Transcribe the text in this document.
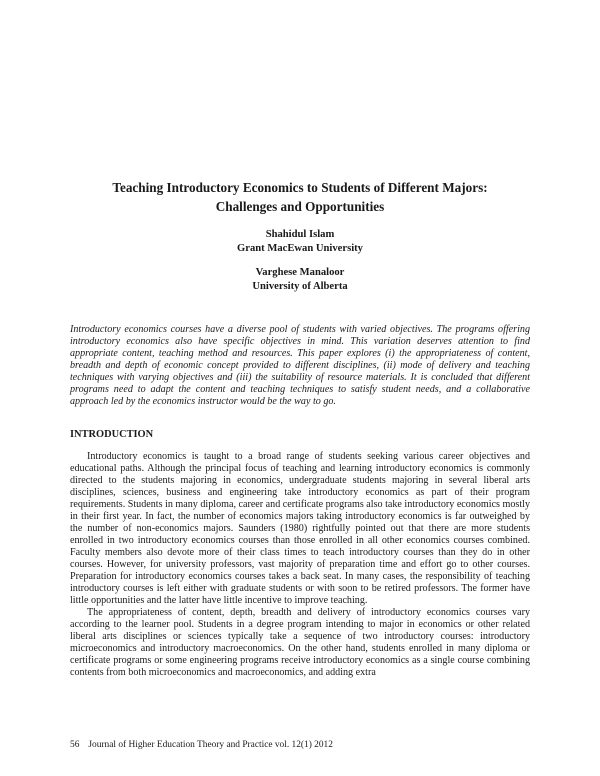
Teaching Introductory Economics to Students of Different Majors:
Challenges and Opportunities
Shahidul Islam
Grant MacEwan University
Varghese Manaloor
University of Alberta

Introductory economics courses have a diverse pool of students with varied objectives. The programs offering introductory economics also have specific objectives in mind. This variation deserves attention to find appropriate content, teaching method and resources. This paper explores (i) the appropriateness of content, breadth and depth of economic concept provided to different disciplines, (ii) mode of delivery and teaching techniques with varying objectives and (iii) the suitability of resource materials. It is concluded that different programs need to adapt the content and teaching techniques to satisfy student needs, and a collaborative approach led by the economics instructor would be the way to go.

INTRODUCTION

Introductory economics is taught to a broad range of students seeking various career objectives and educational paths. Although the principal focus of teaching and learning introductory economics is commonly directed to the students majoring in economics, undergraduate students majoring in several liberal arts disciplines, sciences, business and engineering take introductory economics as part of their program requirements. Students in many diploma, career and certificate programs also take introductory economics mostly in their first year. In fact, the number of economics majors taking introductory economics is far outweighed by the number of non-economics majors. Saunders (1980) rightfully pointed out that there are more students enrolled in two introductory economics courses than those enrolled in all other economics courses combined. Faculty members also devote more of their class times to teach introductory courses than they do in other courses. However, for university professors, vast majority of preparation time and effort go to other courses. Preparation for introductory economics courses takes a back seat. In many cases, the responsibility of teaching introductory courses is left either with graduate students or with soon to be retired professors. The former have little opportunities and the latter have little incentive to improve teaching.

The appropriateness of content, depth, breadth and delivery of introductory economics courses vary according to the learner pool. Students in a degree program intending to major in economics or other related liberal arts disciplines or sciences typically take a sequence of two introductory courses: introductory microeconomics and introductory macroeconomics. On the other hand, students enrolled in many diploma or certificate programs or some engineering programs receive introductory economics as a single course combining contents from both microeconomics and macroeconomics, and adding extra

56 Journal of Higher Education Theory and Practice vol. 12(1) 2012
